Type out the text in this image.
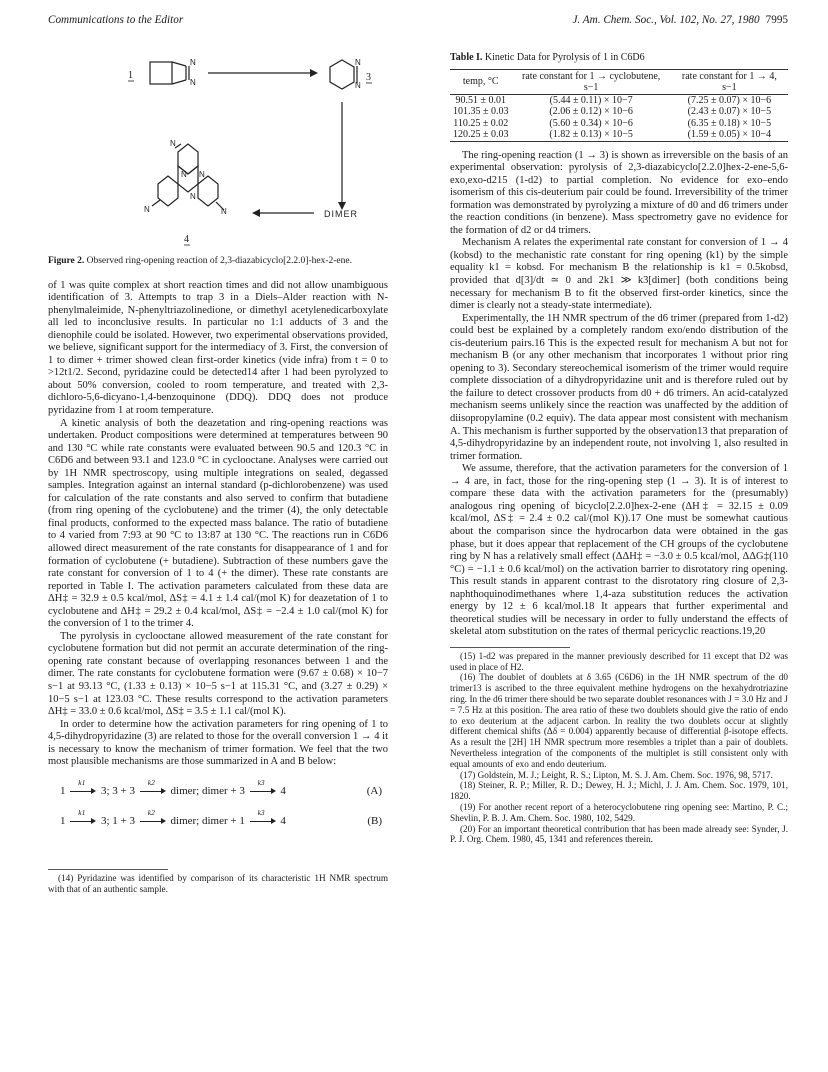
Communications to the Editor	J. Am. Chem. Soc., Vol. 102, No. 27, 1980 7995
N
N
N
N
N
N	N
N N
N
1	3
4
DIMER
Figure 2. Observed ring-opening reaction of 2,3-diazabicyclo[2.2.0]-hex-2-ene.

of 1 was quite complex at short reaction times and did not allow unambiguous identification of 3. Attempts to trap 3 in a Diels–Alder reaction with N-phenylmaleimide, N-phenyltriazolinedione, or dimethyl acetylenedicarboxylate all led to inconclusive results. In particular no 1:1 adducts of 3 and the dienophile could be isolated. However, two experimental observations provided, we believe, significant support for the intermediacy of 3. First, the conversion of 1 to dimer + trimer showed clean first-order kinetics (vide infra) from t = 0 to >12t1/2. Second, pyridazine could be detected14 after 1 had been pyrolyzed to about 50% conversion, cooled to room temperature, and treated with 2,3-dichloro-5,6-dicyano-1,4-benzoquinone (DDQ). DDQ does not produce pyridazine from 1 at room temperature.

A kinetic analysis of both the deazetation and ring-opening reactions was undertaken. Product compositions were determined at temperatures between 90 and 130 °C while rate constants were evaluated between 90.5 and 120.3 °C in C6D6 and between 93.1 and 123.0 °C in cyclooctane. Analyses were carried out by 1H NMR spectroscopy, using multiple integrations on sealed, degassed samples. Integration against an internal standard (p-dichlorobenzene) was used for calculation of the rate constants and also served to confirm that butadiene (from ring opening of the cyclobutene) and the trimer (4), the only detectable final products, conformed to the expected mass balance. The ratio of butadiene to 4 varied from 7:93 at 90 °C to 13:87 at 130 °C. The reactions run in C6D6 allowed direct measurement of the rate constants for disappearance of 1 and for formation of cyclobutene (+ butadiene). Subtraction of these numbers gave the rate constant for conversion of 1 to 4 (+ the dimer). These rate constants are reported in Table I. The activation parameters calculated from these data are ΔH‡ = 32.9 ± 0.5 kcal/mol, ΔS‡ = 4.1 ± 1.4 cal/(mol K) for deazetation of 1 to cyclobutene and ΔH‡ = 29.2 ± 0.4 kcal/mol, ΔS‡ = −2.4 ± 1.0 cal/(mol K) for the conversion of 1 to the trimer 4.

The pyrolysis in cyclooctane allowed measurement of the rate constant for cyclobutene formation but did not permit an accurate determination of the ring-opening rate constant because of overlapping resonances between 1 and the dimer. The rate constants for cyclobutene formation were (9.67 ± 0.68) × 10−7 s−1 at 93.13 °C, (1.33 ± 0.13) × 10−5 s−1 at 115.31 °C, and (3.27 ± 0.29) × 10−5 s−1 at 123.03 °C. These results correspond to the activation parameters ΔH‡ = 33.0 ± 0.6 kcal/mol, ΔS‡ = 3.5 ± 1.1 cal/(mol K).

In order to determine how the activation parameters for ring opening of 1 to 4,5-dihydropyridazine (3) are related to those for the overall conversion 1 → 4 it is necessary to know the mechanism of trimer formation. We feel that the two most plausible mechanisms are those summarized in A and B below:

1
k1
3; 3 + 3
k2
dimer; dimer + 3
k3
4	(A)
1
k1
3; 1 + 3
k2
dimer; dimer + 1
k3
4	(B)

(14) Pyridazine was identified by comparison of its characteristic 1H NMR spectrum with that of an authentic sample.

Table I. Kinetic Data for Pyrolysis of 1 in C6D6
temp, °C	rate constant for 1 → cyclobutene, s−1	rate constant for 1 → 4, s−1
90.51 ± 0.01	(5.44 ± 0.11) × 10−7	(7.25 ± 0.07) × 10−6
101.35 ± 0.03	(2.06 ± 0.12) × 10−6	(2.43 ± 0.07) × 10−5
110.25 ± 0.02	(5.60 ± 0.34) × 10−6	(6.35 ± 0.18) × 10−5
120.25 ± 0.03	(1.82 ± 0.13) × 10−5	(1.59 ± 0.05) × 10−4

The ring-opening reaction (1 → 3) is shown as irreversible on the basis of an experimental observation: pyrolysis of 2,3-diazabicyclo[2.2.0]hex-2-ene-5,6-exo,exo-d215 (1-d2) to partial completion. No evidence for exo–endo isomerism of this cis-deuterium pair could be found. Irreversibility of the trimer formation was demonstrated by pyrolyzing a mixture of d0 and d6 trimers under the reaction conditions (in benzene). Mass spectrometry gave no evidence for the formation of d2 or d4 trimers.

Mechanism A relates the experimental rate constant for conversion of 1 → 4 (kobsd) to the mechanistic rate constant for ring opening (k1) by the simple equality k1 = kobsd. For mechanism B the relationship is k1 = 0.5kobsd, provided that d[3]/dt ≃ 0 and 2k1 ≫ k3[dimer] (both conditions being necessary for mechanism B to fit the observed first-order kinetics, since the dimer is clearly not a steady-state intermediate).

Experimentally, the 1H NMR spectrum of the d6 trimer (prepared from 1-d2) could best be explained by a completely random exo/endo distribution of the cis-deuterium pairs.16 This is the expected result for mechanism A but not for mechanism B (or any other mechanism that incorporates 1 without prior ring opening to 3). Secondary stereochemical isomerism of the trimer would require complete dissociation of a dihydropyridazine unit and is therefore ruled out by the failure to detect crossover products from d0 + d6 trimers. An acid-catalyzed mechanism seems unlikely since the reaction was unaffected by the addition of diisopropylamine (0.2 equiv). The data appear most consistent with mechanism A. This mechanism is further supported by the observation13 that preparation of 4,5-dihydropyridazine by an independent route, not involving 1, also resulted in trimer formation.

We assume, therefore, that the activation parameters for the conversion of 1 → 4 are, in fact, those for the ring-opening step (1 → 3). It is of interest to compare these data with the activation parameters for the (presumably) analogous ring opening of bicyclo[2.2.0]hex-2-ene (ΔH‡ = 32.15 ± 0.09 kcal/mol, ΔS‡ = 2.4 ± 0.2 cal/(mol K)).17 One must be somewhat cautious about the comparison since the hydrocarbon data were obtained in the gas phase, but it does appear that replacement of the CH groups of the cyclobutene ring by N has a relatively small effect (ΔΔH‡ = −3.0 ± 0.5 kcal/mol, ΔΔG‡(110 °C) = −1.1 ± 0.6 kcal/mol) on the activation barrier to disrotatory ring opening. This result stands in apparent contrast to the disrotatory ring closure of 2,3-naphthoquinodimethanes where 1,4-aza substitution reduces the activation energy by 12 ± 6 kcal/mol.18 It appears that further experimental and theoretical studies will be necessary in order to fully understand the effects of skeletal atom substitution on the rates of thermal pericyclic reactions.19,20

(15) 1-d2 was prepared in the manner previously described for 11 except that D2 was used in place of H2.

(16) The doublet of doublets at δ 3.65 (C6D6) in the 1H NMR spectrum of the d0 trimer13 is ascribed to the three equivalent methine hydrogens on the hexahydrotriazine ring. In the d6 trimer there should be two separate doublet resonances with J = 3.0 Hz and J = 7.5 Hz at this position. The area ratio of these two doublets should give the ratio of endo to exo deuterium at the adjacent carbon. In reality the two doublets occur at slightly different chemical shifts (Δδ = 0.004) apparently because of differential β-isotope effects. As a result the [2H] 1H NMR spectrum more resembles a triplet than a pair of doublets. Nevertheless integration of the components of the multiplet is still consistent only with equal amounts of exo and endo deuterium.

(17) Goldstein, M. J.; Leight, R. S.; Lipton, M. S. J. Am. Chem. Soc. 1976, 98, 5717.

(18) Steiner, R. P.; Miller, R. D.; Dewey, H. J.; Michl, J. J. Am. Chem. Soc. 1979, 101, 1820.

(19) For another recent report of a heterocyclobutene ring opening see: Martino, P. C.; Shevlin, P. B. J. Am. Chem. Soc. 1980, 102, 5429.

(20) For an important theoretical contribution that has been made already see: Synder, J. P. J. Org. Chem. 1980, 45, 1341 and references therein.
